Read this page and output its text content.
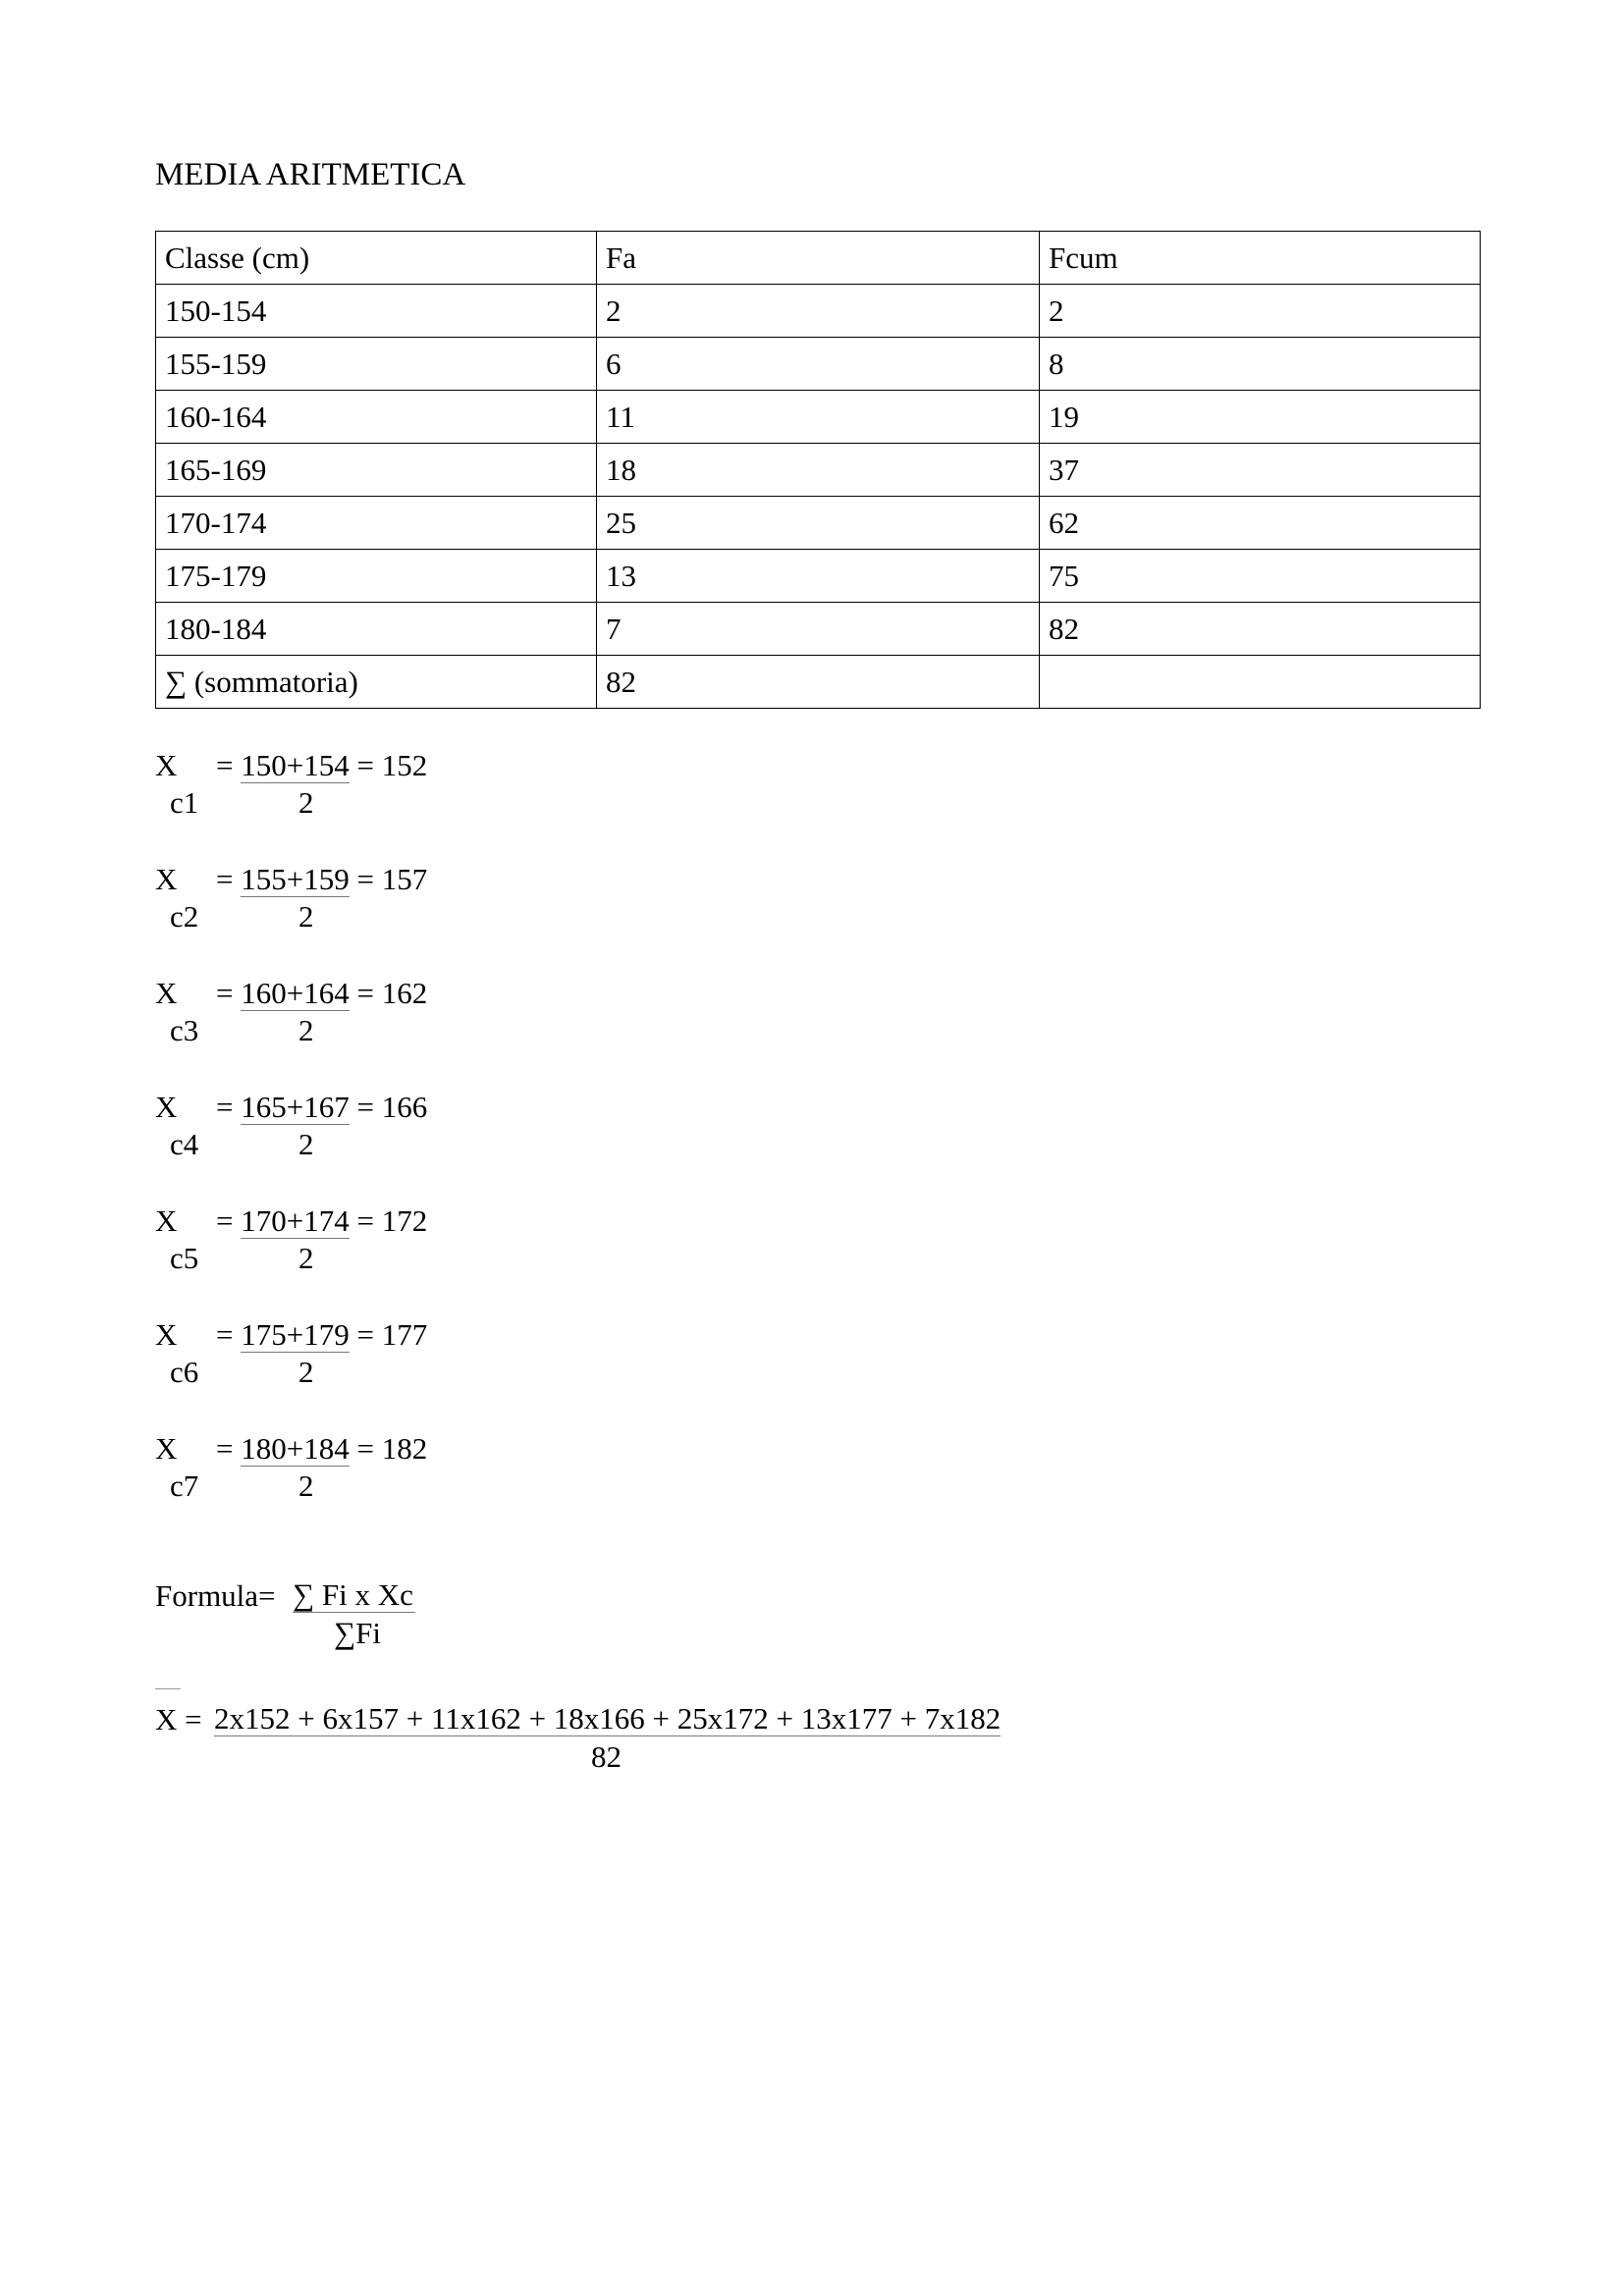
MEDIA ARITMETICA
Classe (cm)	Fa	Fcum
150-154	2	2
155-159	6	8
160-164	11	19
165-169	18	37
170-174	25	62
175-179	13	75
180-184	7	82
∑ (sommatoria)	82	
X
c1
= 150+154 = 152
2
X
c2
= 155+159 = 157
2
X
c3
= 160+164 = 162
2
X
c4
= 165+167 = 166
2
X
c5
= 170+174 = 172
2
X
c6
= 175+179 = 177
2
X
c7
= 180+184 = 182
2
Formula= ∑ Fi x Xc
∑Fi
X = 2x152 + 6x157 + 11x162 + 18x166 + 25x172 + 13x177 + 7x182
82
